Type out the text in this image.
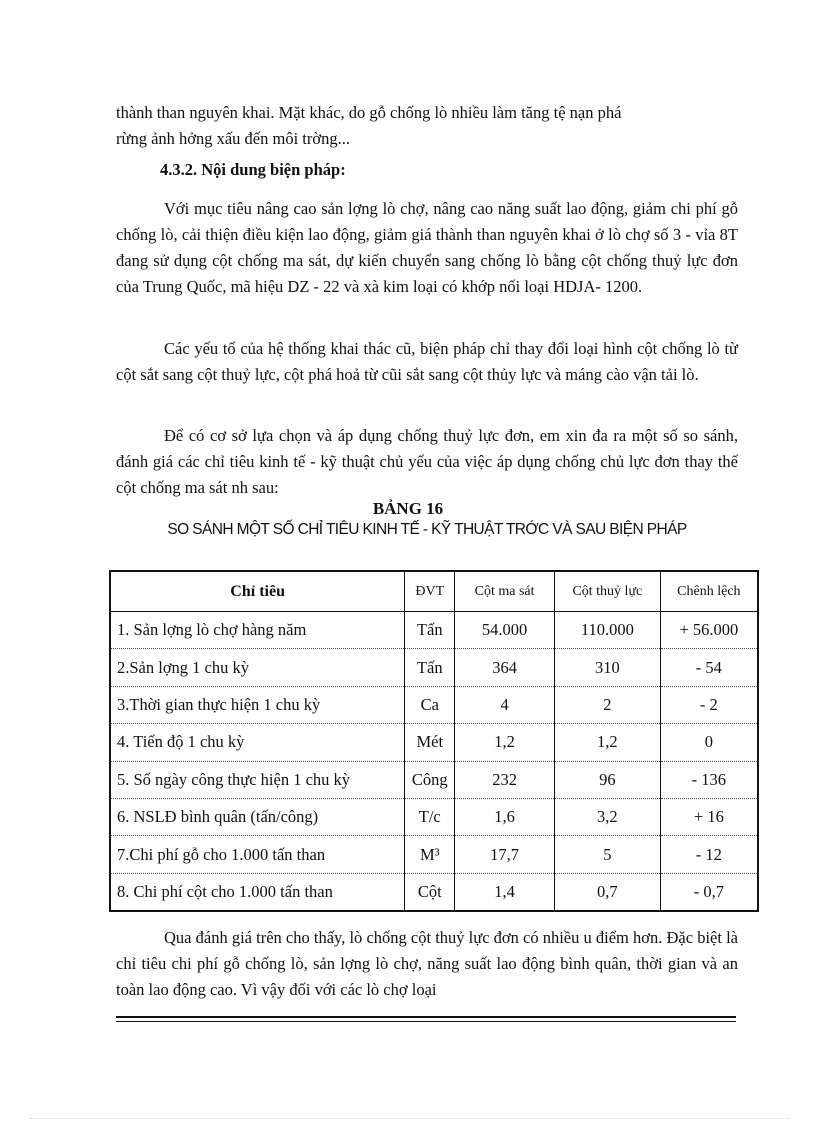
thành than nguyên khai. Mặt khác, do gỗ chống lò nhiều làm tăng tệ nạn phá

rừng ảnh hởng xấu đến môi trờng...

4.3.2. Nội dung biện pháp:

Với mục tiêu nâng cao sản lợng lò chợ, nâng cao năng suất lao động, giảm chi phí gỗ chống lò, cải thiện điều kiện lao động, giảm giá thành than nguyên khai ở lò chợ số 3 - vỉa 8T đang sử dụng cột chống ma sát, dự kiến chuyển sang chống lò bằng cột chống thuỷ lực đơn của Trung Quốc, mã hiệu DZ - 22 và xà kim loại có khớp nối loại HDJA- 1200.

Các yếu tố của hệ thống khai thác cũ, biện pháp chỉ thay đổi loại hình cột chống lò từ cột sắt sang cột thuỷ lực, cột phá hoả từ cũi sắt sang cột thủy lực và máng cào vận tải lò.

Để có cơ sở lựa chọn và áp dụng chống thuỷ lực đơn, em xin đa ra một số so sánh, đánh giá các chỉ tiêu kinh tế - kỹ thuật chủ yếu của việc áp dụng chống chủ lực đơn thay thế cột chống ma sát nh sau:

BẢNG 16

SO SÁNH MỘT SỐ CHỈ TIÊU KINH TẾ - KỸ THUẬT TRỚC VÀ SAU BIỆN PHÁP

Chỉ tiêu	ĐVT	Cột ma sát	Cột thuỷ lực	Chênh lệch
1. Sản lợng lò chợ hàng năm	Tấn	54.000	110.000	+ 56.000
2.Sản lợng 1 chu kỳ	Tấn	364	310	- 54
3.Thời gian thực hiện 1 chu kỳ	Ca	4	2	- 2
4. Tiến độ 1 chu kỳ	Mét	1,2	1,2	0
5. Số ngày công thực hiện 1 chu kỳ	Công	232	96	- 136
6. NSLĐ bình quân (tấn/công)	T/c	1,6	3,2	+ 16
7.Chi phí gỗ cho 1.000 tấn than	M³	17,7	5	- 12
8. Chi phí cột cho 1.000 tấn than	Cột	1,4	0,7	- 0,7

Qua đánh giá trên cho thấy, lò chống cột thuỷ lực đơn có nhiều u điểm hơn. Đặc biệt là chỉ tiêu chi phí gỗ chống lò, sản lợng lò chợ, năng suất lao động bình quân, thời gian và an toàn lao động cao. Vì vậy đối với các lò chợ loại
